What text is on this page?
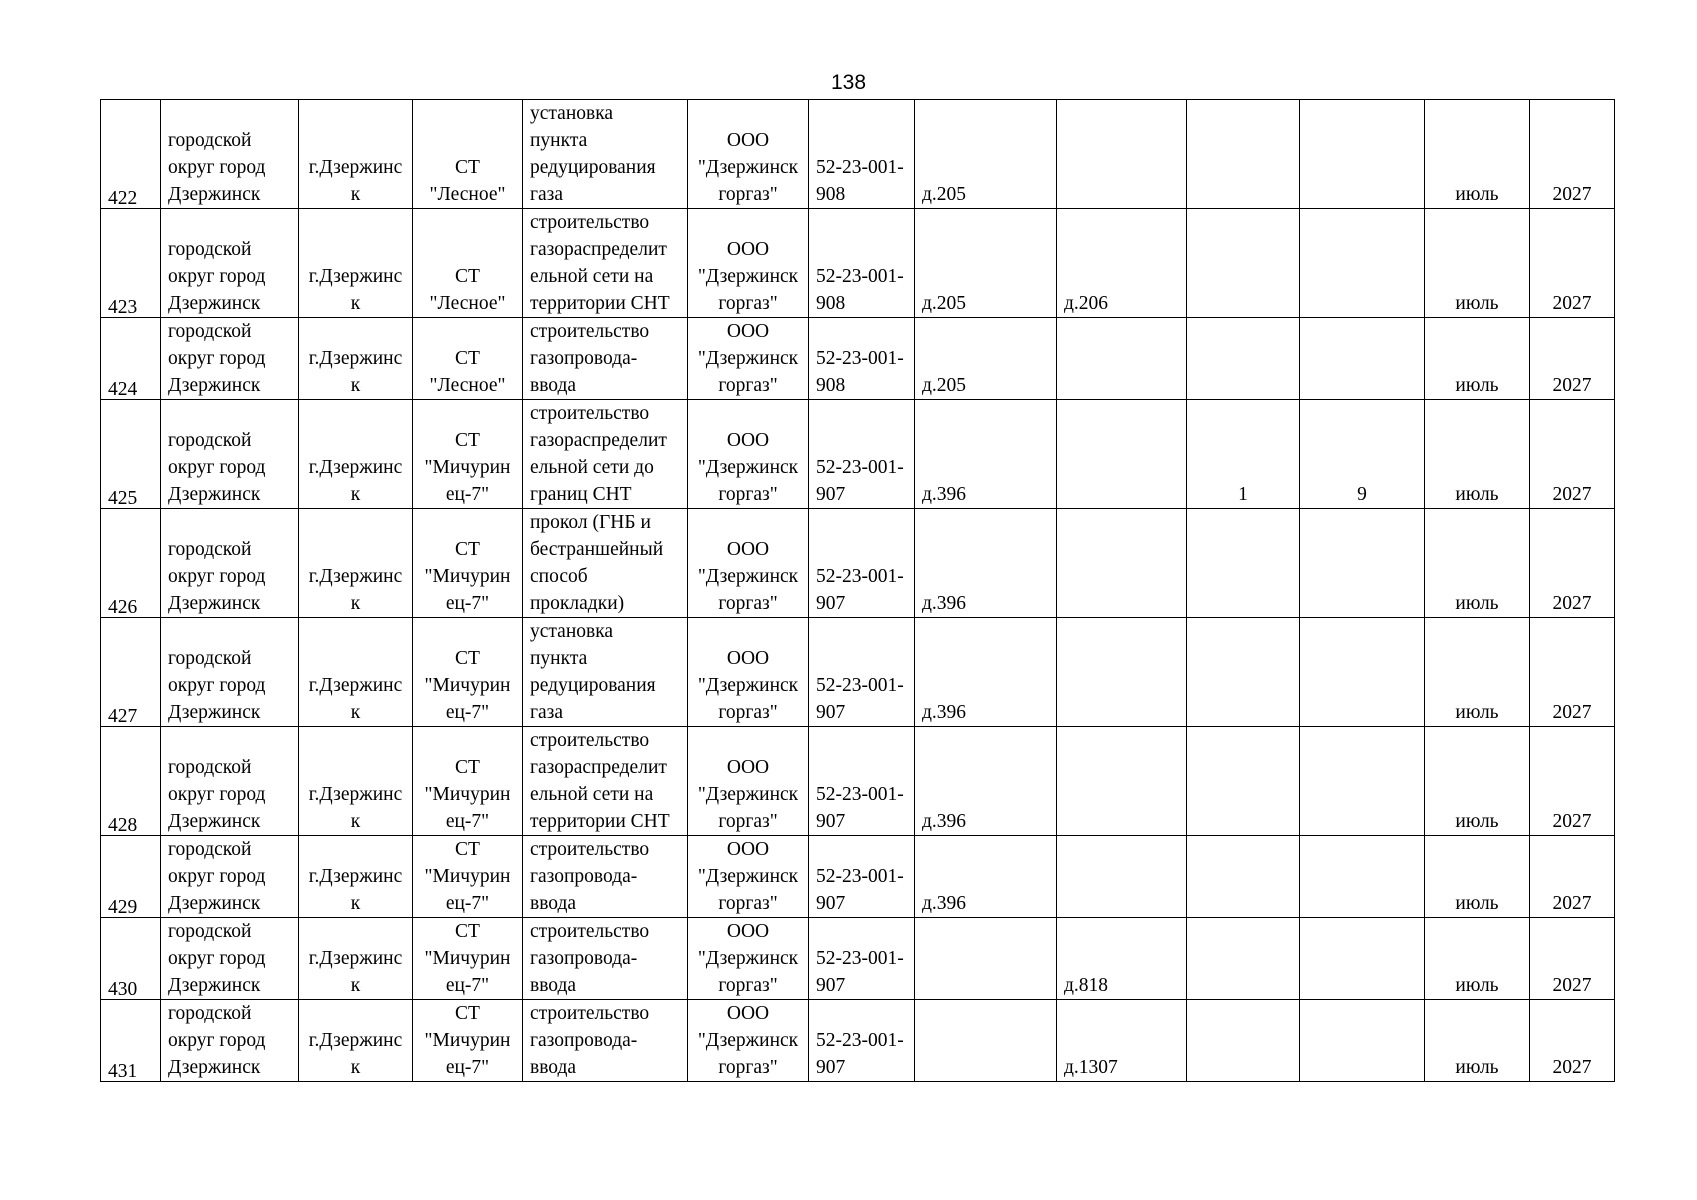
138
422	городской
округ город
Дзержинск	г.Дзержинс
к	СТ
"Лесное"	установка
пункта
редуцирования
газа	ООО
"Дзержинск
горгаз"	52-23-001-
908	д.205				июль	2027
423	городской
округ город
Дзержинск	г.Дзержинс
к	СТ
"Лесное"	строительство
газораспределит
ельной сети на
территории СНТ	ООО
"Дзержинск
горгаз"	52-23-001-
908	д.205	д.206			июль	2027
424	городской
округ город
Дзержинск	г.Дзержинс
к	СТ
"Лесное"	строительство
газопровода-
ввода	ООО
"Дзержинск
горгаз"	52-23-001-
908	д.205				июль	2027
425	городской
округ город
Дзержинск	г.Дзержинс
к	СТ
"Мичурин
ец-7"	строительство
газораспределит
ельной сети до
границ СНТ	ООО
"Дзержинск
горгаз"	52-23-001-
907	д.396		1	9	июль	2027
426	городской
округ город
Дзержинск	г.Дзержинс
к	СТ
"Мичурин
ец-7"	прокол (ГНБ и
бестраншейный
способ
прокладки)	ООО
"Дзержинск
горгаз"	52-23-001-
907	д.396				июль	2027
427	городской
округ город
Дзержинск	г.Дзержинс
к	СТ
"Мичурин
ец-7"	установка
пункта
редуцирования
газа	ООО
"Дзержинск
горгаз"	52-23-001-
907	д.396				июль	2027
428	городской
округ город
Дзержинск	г.Дзержинс
к	СТ
"Мичурин
ец-7"	строительство
газораспределит
ельной сети на
территории СНТ	ООО
"Дзержинск
горгаз"	52-23-001-
907	д.396				июль	2027
429	городской
округ город
Дзержинск	г.Дзержинс
к	СТ
"Мичурин
ец-7"	строительство
газопровода-
ввода	ООО
"Дзержинск
горгаз"	52-23-001-
907	д.396				июль	2027
430	городской
округ город
Дзержинск	г.Дзержинс
к	СТ
"Мичурин
ец-7"	строительство
газопровода-
ввода	ООО
"Дзержинск
горгаз"	52-23-001-
907		д.818			июль	2027
431	городской
округ город
Дзержинск	г.Дзержинс
к	СТ
"Мичурин
ец-7"	строительство
газопровода-
ввода	ООО
"Дзержинск
горгаз"	52-23-001-
907		д.1307			июль	2027
